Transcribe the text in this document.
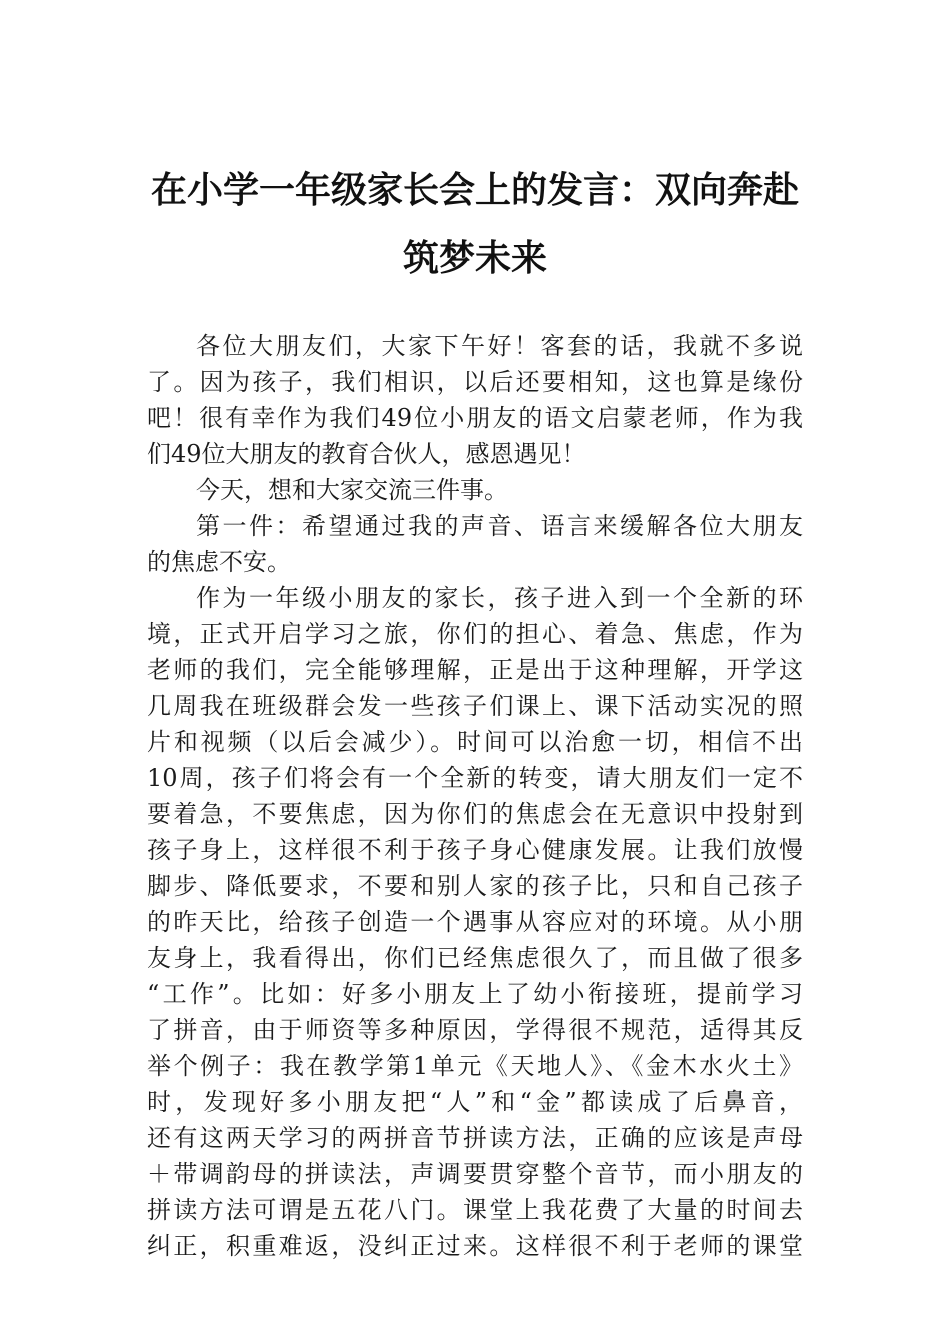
在小学一年级家长会上的发言：双向奔赴
筑梦未来
各位大朋友们，大家下午好！客套的话，我就不多说
了。因为孩子，我们相识，以后还要相知，这也算是缘份
吧！很有幸作为我们49位小朋友的语文启蒙老师，作为我
们49位大朋友的教育合伙人，感恩遇见！
今天，想和大家交流三件事。
第一件：希望通过我的声音、语言来缓解各位大朋友
的焦虑不安。
作为一年级小朋友的家长，孩子进入到一个全新的环
境，正式开启学习之旅，你们的担心、着急、焦虑，作为
老师的我们，完全能够理解，正是出于这种理解，开学这
几周我在班级群会发一些孩子们课上、课下活动实况的照
片和视频（以后会减少）。时间可以治愈一切，相信不出
10周，孩子们将会有一个全新的转变，请大朋友们一定不
要着急，不要焦虑，因为你们的焦虑会在无意识中投射到
孩子身上，这样很不利于孩子身心健康发展。让我们放慢
脚步、降低要求，不要和别人家的孩子比，只和自己孩子
的昨天比，给孩子创造一个遇事从容应对的环境。从小朋
友身上，我看得出，你们已经焦虑很久了，而且做了很多
“工作”。比如：好多小朋友上了幼小衔接班，提前学习
了拼音，由于师资等多种原因，学得很不规范，适得其反
举个例子：我在教学第1单元《天地人》、《金木水火土》
时，发现好多小朋友把“人”和“金”都读成了后鼻音，
还有这两天学习的两拼音节拼读方法，正确的应该是声母
＋带调韵母的拼读法，声调要贯穿整个音节，而小朋友的
拼读方法可谓是五花八门。课堂上我花费了大量的时间去
纠正，积重难返，没纠正过来。这样很不利于老师的课堂
